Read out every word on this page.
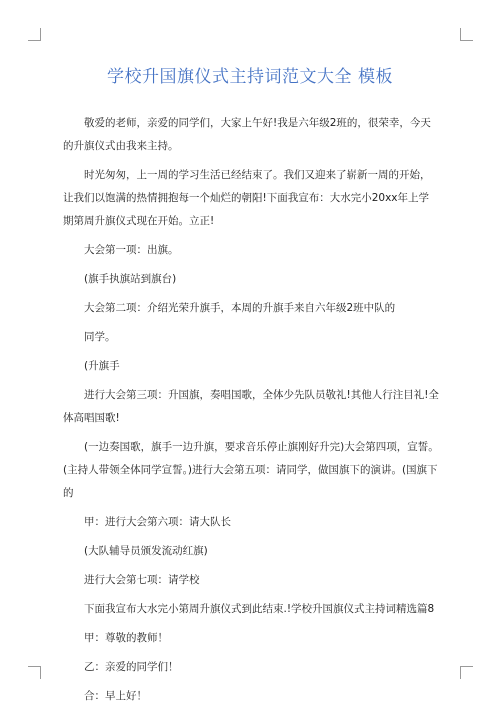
学校升国旗仪式主持词范文大全 模板

敬爱的老师，亲爱的同学们，大家上午好!我是六年级2班的，很荣幸，今天的升旗仪式由我来主持。

时光匆匆，上一周的学习生活已经结束了。我们又迎来了崭新一周的开始，让我们以饱满的热情拥抱每一个灿烂的朝阳!下面我宣布：大水完小20xx年上学期第周升旗仪式现在开始。立正!

大会第一项：出旗。

(旗手执旗站到旗台)

大会第二项：介绍光荣升旗手，本周的升旗手来自六年级2班中队的

同学。

(升旗手

进行大会第三项：升国旗，奏唱国歌，全体少先队员敬礼!其他人行注目礼!全体高唱国歌!

(一边奏国歌，旗手一边升旗，要求音乐停止旗刚好升完)大会第四项，宣誓。(主持人带领全体同学宣誓。)进行大会第五项：请同学，做国旗下的演讲。(国旗下的

甲：进行大会第六项：请大队长

(大队辅导员颁发流动红旗)

进行大会第七项：请学校

下面我宣布大水完小第周升旗仪式到此结束.!学校升国旗仪式主持词精选篇8

甲：尊敬的教师！

乙：亲爱的同学们！

合：早上好！
